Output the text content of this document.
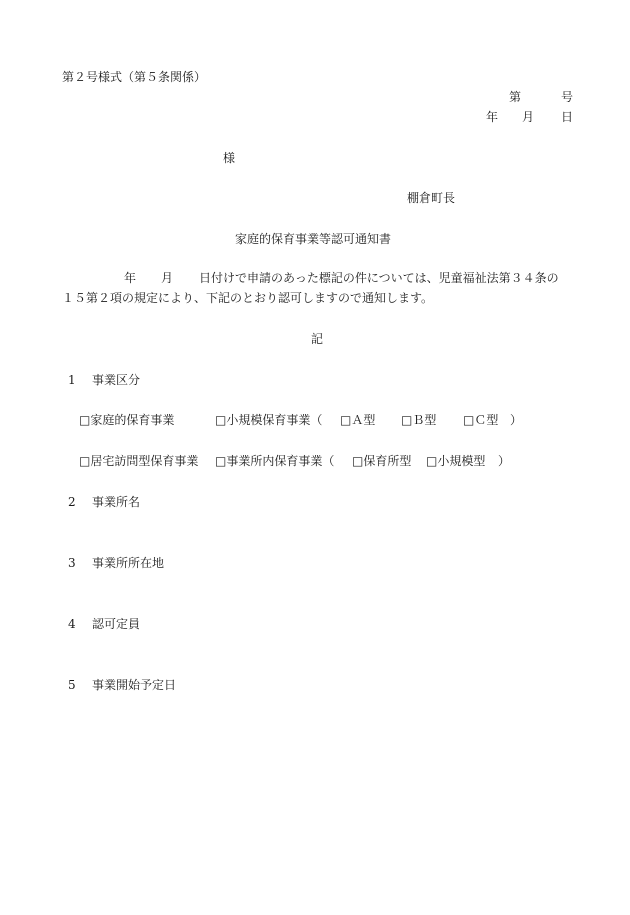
第２号様式（第５条関係）
第	号
年 月 日
様
棚倉町長
家庭的保育事業等認可通知書
年 月 日付けで申請のあった標記の件については、児童福祉法第３４条の
１５第２項の規定により、下記のとおり認可しますので通知します。
記
1 事業区分
□家庭的保育事業	□小規模保育事業（ □Ａ型 □Ｂ型 □Ｃ型 ）
□居宅訪問型保育事業 □事業所内保育事業（ □保育所型 □小規模型 ）
2 事業所名
3 事業所所在地
4 認可定員
5 事業開始予定日
